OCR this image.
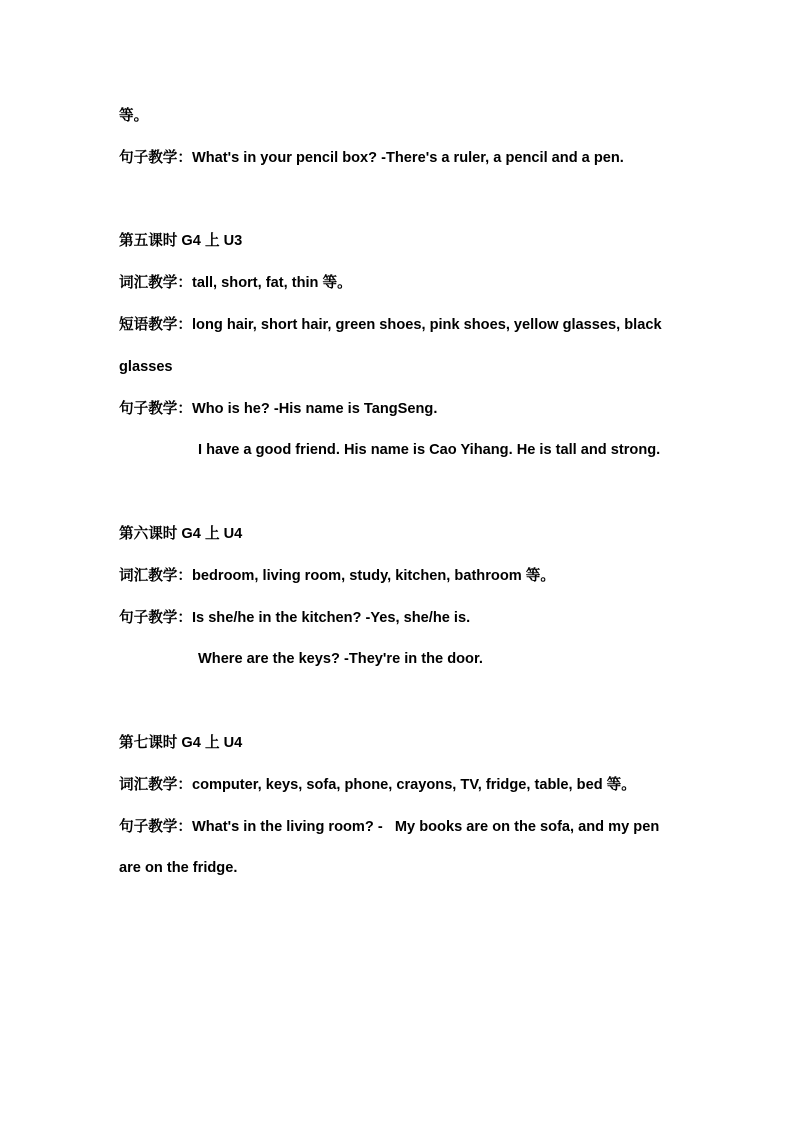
等。
句子教学：What's in your pencil box? -There's a ruler, a pencil and a pen.
第五课时 G4 上 U3
词汇教学：tall, short, fat, thin 等。
短语教学：long hair, short hair, green shoes, pink shoes, yellow glasses, black glasses
句子教学：Who is he? -His name is TangSeng.
I have a good friend. His name is Cao Yihang. He is tall and strong.
第六课时 G4 上 U4
词汇教学：bedroom, living room, study, kitchen, bathroom 等。
句子教学：Is she/he in the kitchen? -Yes, she/he is.
Where are the keys? -They're in the door.
第七课时 G4 上 U4
词汇教学：computer, keys, sofa, phone, crayons, TV, fridge, table, bed 等。
句子教学：What's in the living room? -   My books are on the sofa, and my pen are on the fridge.
